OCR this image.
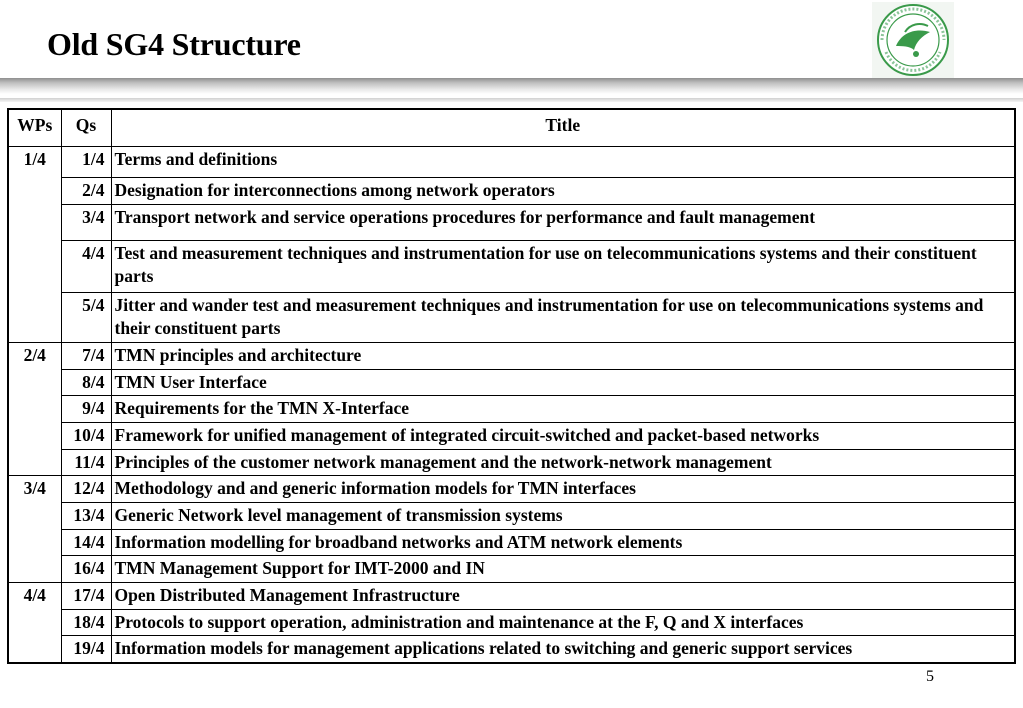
Old SG4 Structure
WPs	Qs	Title
1/4	1/4	Terms and definitions
	2/4	Designation for interconnections among network operators
	3/4	Transport network and service operations procedures for performance and fault management
	4/4	Test and measurement techniques and instrumentation for use on telecommunications systems and their constituent parts
	5/4	Jitter and wander test and measurement techniques and instrumentation for use on telecommunications systems and their constituent parts
2/4	7/4	TMN principles and architecture
	8/4	TMN User Interface
	9/4	Requirements for the TMN X-Interface
	10/4	Framework for unified management of integrated circuit-switched and packet-based networks
	11/4	Principles of the customer network management and the network-network management
3/4	12/4	Methodology and and generic information models for TMN interfaces
	13/4	Generic Network level management of transmission systems
	14/4	Information modelling for broadband networks and ATM network elements
	16/4	TMN Management Support for IMT-2000 and IN
4/4	17/4	Open Distributed Management Infrastructure
	18/4	Protocols to support operation, administration and maintenance at the F, Q and X interfaces
	19/4	Information models for management applications related to switching and generic support services
5
